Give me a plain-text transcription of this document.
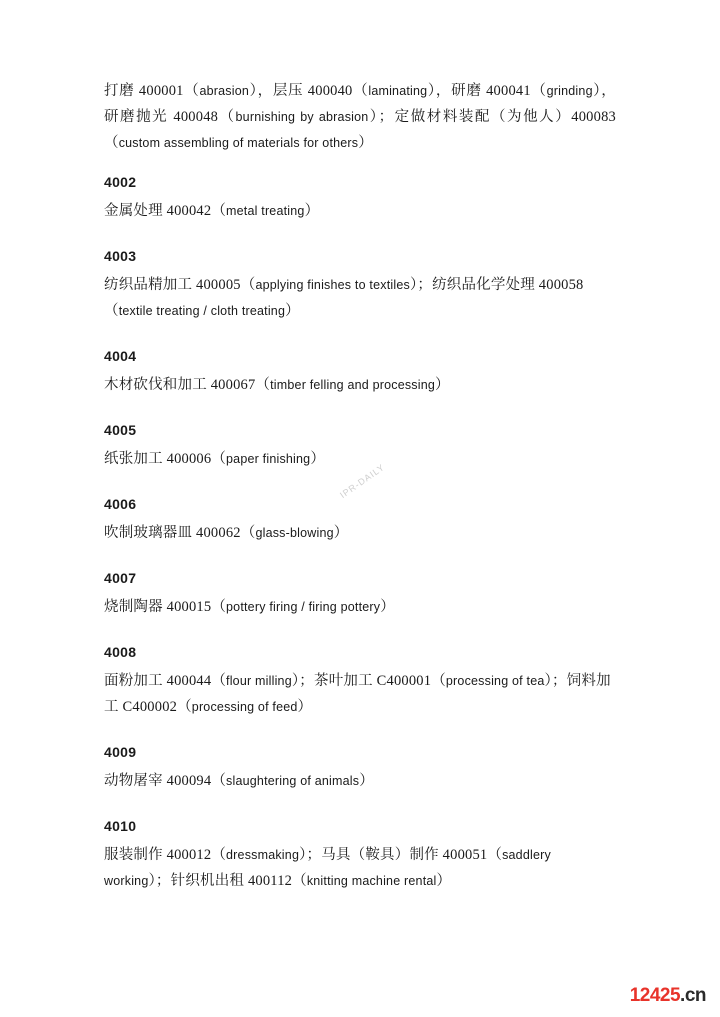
打磨 400001（abrasion），层压 400040（laminating），研磨 400041（grinding），研磨抛光 400048（burnishing by abrasion）；定做材料装配（为他人）400083（custom assembling of materials for others）

4002

金属处理 400042（metal treating）

4003

纺织品精加工 400005（applying finishes to textiles）；纺织品化学处理 400058（textile treating / cloth treating）

4004

木材砍伐和加工 400067（timber felling and processing）

4005

纸张加工 400006（paper finishing）

4006

吹制玻璃器皿 400062（glass-blowing）

4007

烧制陶器 400015（pottery firing / firing pottery）

4008

面粉加工 400044（flour milling）；茶叶加工 C400001（processing of tea）；饲料加工 C400002（processing of feed）

4009

动物屠宰 400094（slaughtering of animals）

4010

服装制作 400012（dressmaking）；马具（鞍具）制作 400051（saddlery working）；针织机出租 400112（knitting machine rental）

IPR-DAILY
12425.cn
